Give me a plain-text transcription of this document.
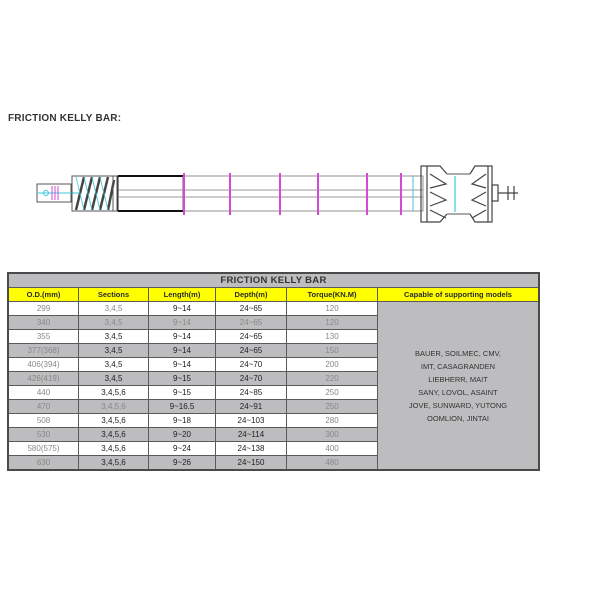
FRICTION KELLY BAR:
FRICTION KELLY BAR					
O.D.(mm)	Sections	Length(m)	Depth(m)	Torque(KN.M)	Capable of supporting models
299	3,4,5	9~14	24~65	120	
BAUER, SOILMEC, CMV,
IMT, CASAGRANDEN
LIEBHERR, MAIT
SANY, LOVOL, ASAINT
JOVE, SUNWARD, YUTONG
OOMLION, JINTAI

340	3,4,5	9~14	24~65	120	
355	3,4,5	9~14	24~65	130	
377(368)	3,4,5	9~14	24~65	150	
406(394)	3,4,5	9~14	24~70	200	
426(419)	3,4,5	9~15	24~70	220	
440	3,4,5,6	9~15	24~85	250	
470	3,4,5,6	9~16.5	24~91	250	
508	3,4,5,6	9~18	24~103	280	
530	3,4,5,6	9~20	24~114	300	
580(575)	3,4,5,6	9~24	24~138	400	
630	3,4,5,6	9~26	24~150	480	
